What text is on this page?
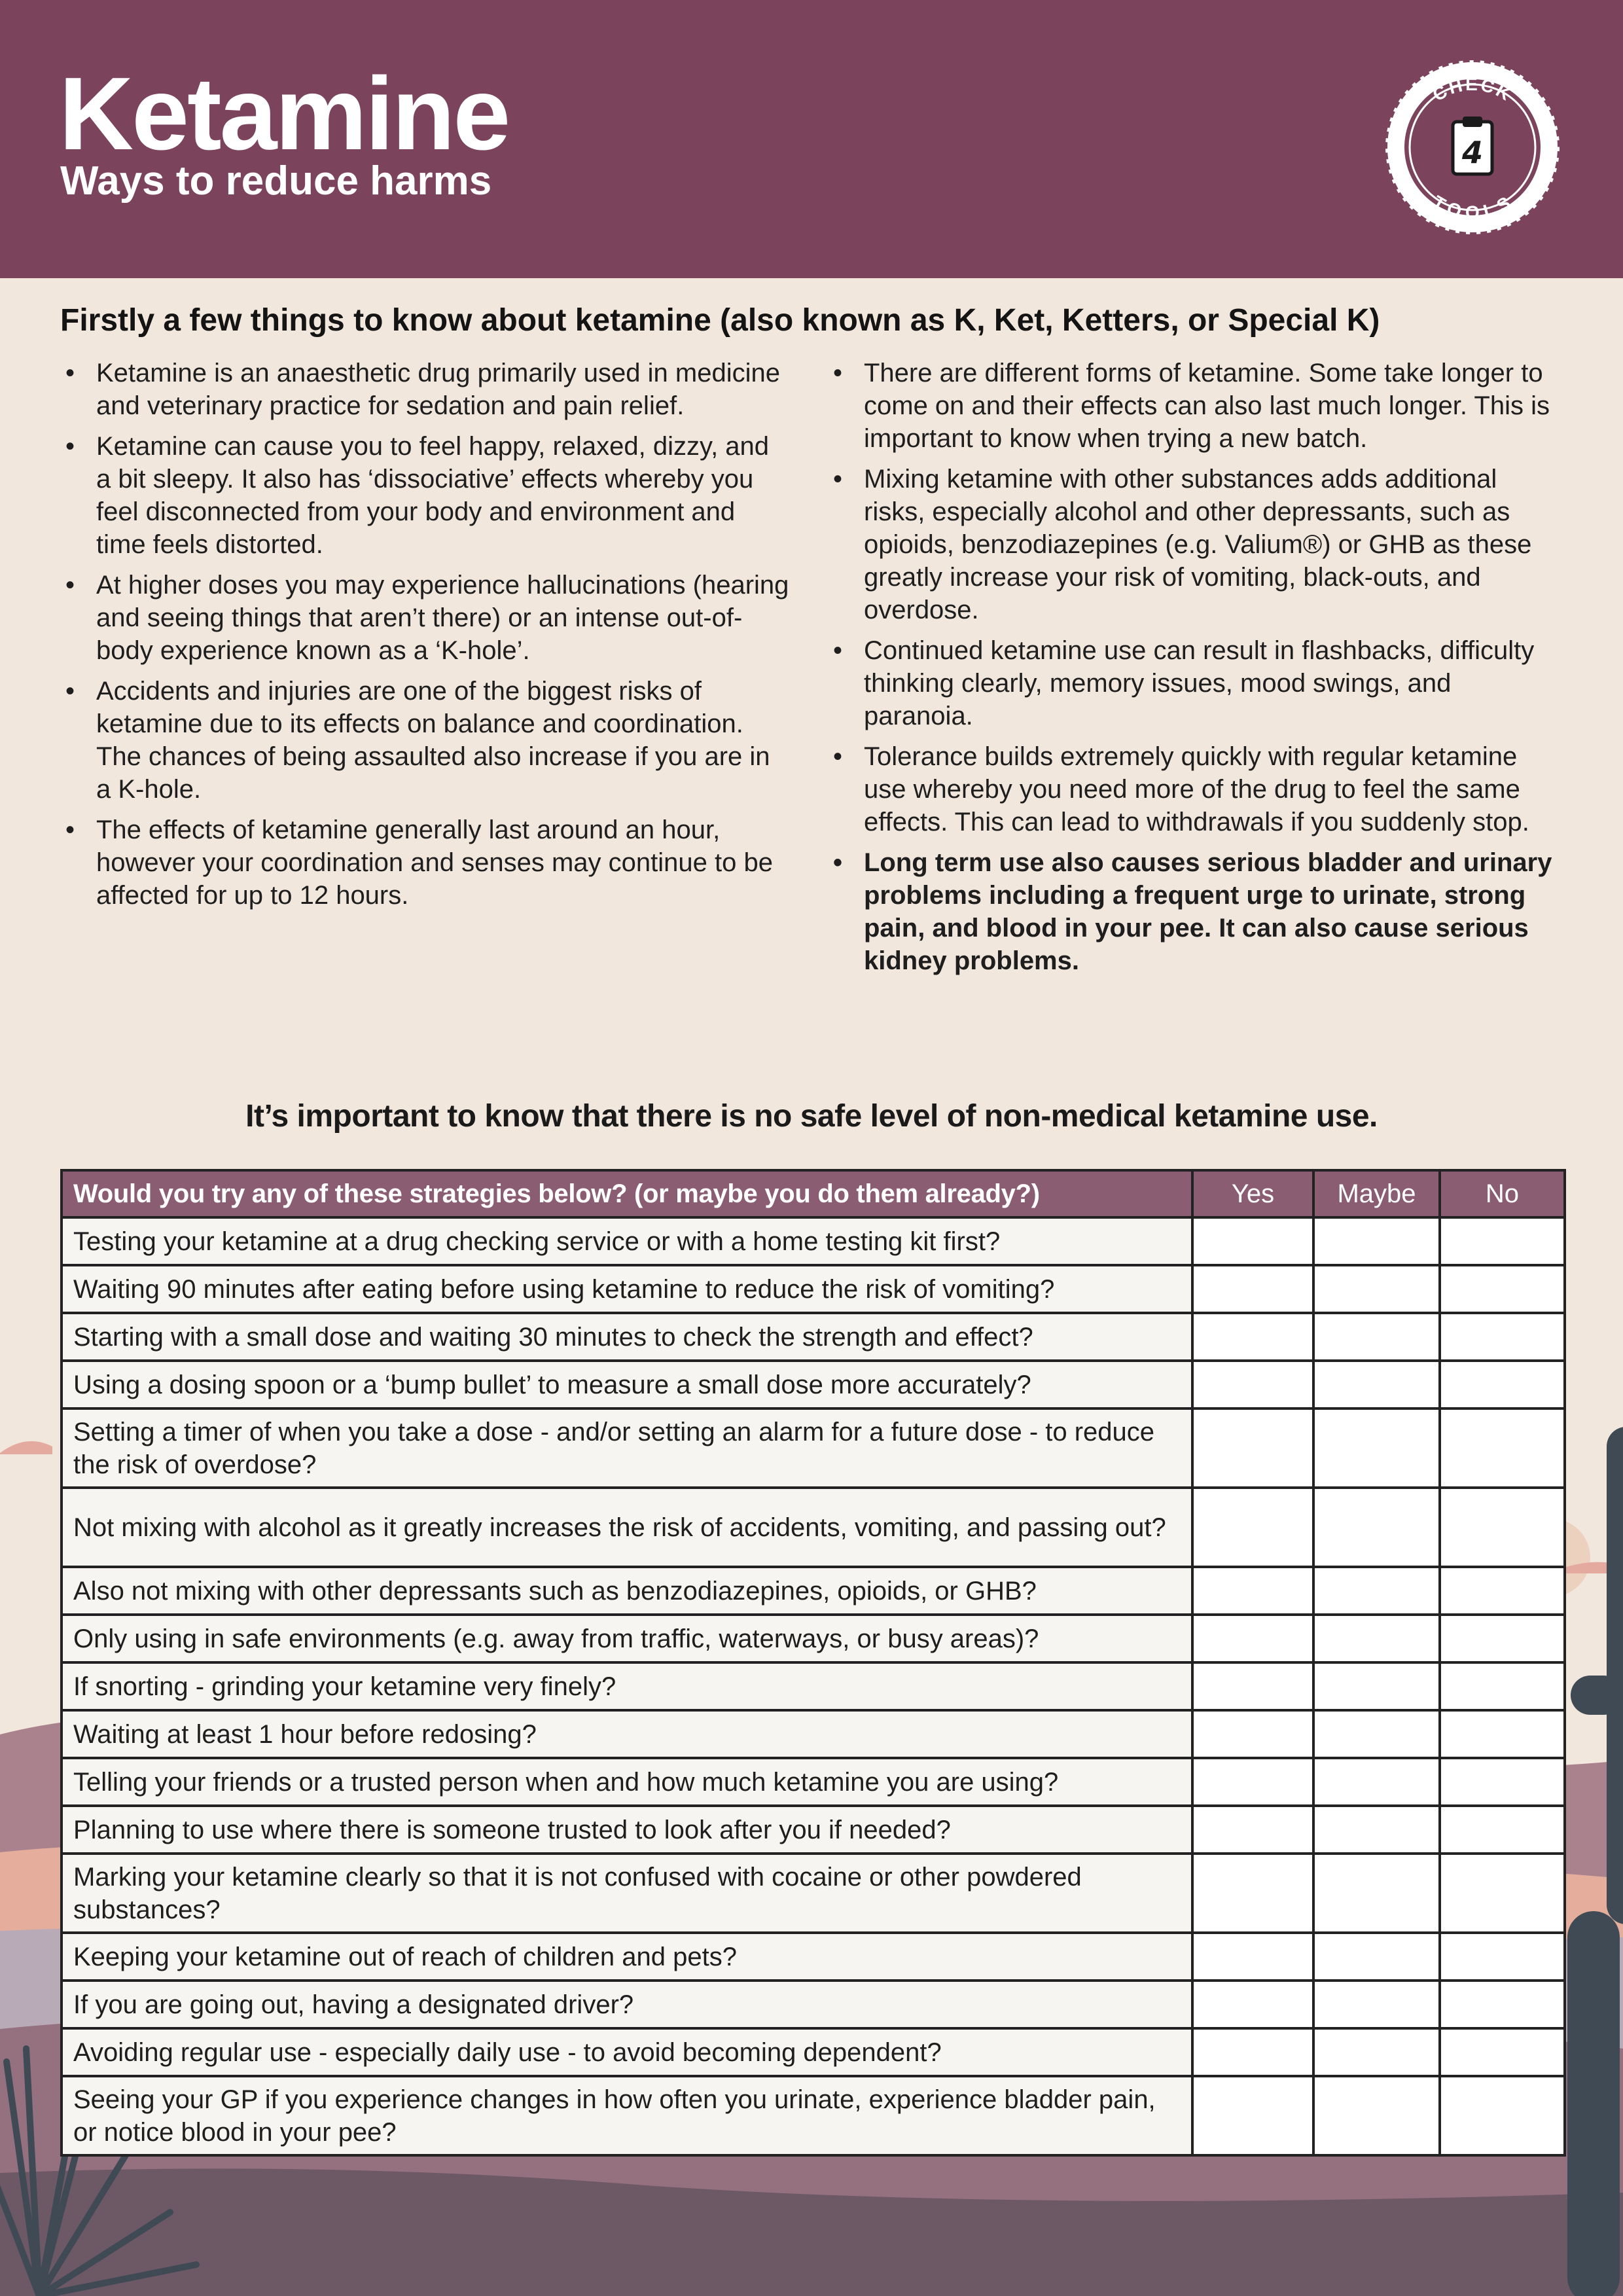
Ketamine

Ways to reduce harms

CHECK
TOOLS
4
Firstly a few things to know about ketamine (also known as K, Ket, Ketters, or Special K)
• Ketamine is an anaesthetic drug primarily used in medicine and veterinary practice for sedation and pain relief.
• Ketamine can cause you to feel happy, relaxed, dizzy, and a bit sleepy. It also has ‘dissociative’ effects whereby you feel disconnected from your body and environment and time feels distorted.
• At higher doses you may experience hallucinations (hearing and seeing things that aren’t there) or an intense out-of-body experience known as a ‘K-hole’.
• Accidents and injuries are one of the biggest risks of ketamine due to its effects on balance and coordination. The chances of being assaulted also increase if you are in a K-hole.
• The effects of ketamine generally last around an hour, however your coordination and senses may continue to be affected for up to 12 hours.
• There are different forms of ketamine. Some take longer to come on and their effects can also last much longer. This is important to know when trying a new batch.
• Mixing ketamine with other substances adds additional risks, especially alcohol and other depressants, such as opioids, benzodiazepines (e.g. Valium®) or GHB as these greatly increase your risk of vomiting, black-outs, and overdose.
• Continued ketamine use can result in flashbacks, difficulty thinking clearly, memory issues, mood swings, and paranoia.
• Tolerance builds extremely quickly with regular ketamine use whereby you need more of the drug to feel the same effects. This can lead to withdrawals if you suddenly stop.
• Long term use also causes serious bladder and urinary problems including a frequent urge to urinate, strong pain, and blood in your pee. It can also cause serious kidney problems.

It’s important to know that there is no safe level of non-medical ketamine use.

Would you try any of these strategies below? (or maybe you do them already?)	Yes	Maybe	No
Testing your ketamine at a drug checking service or with a home testing kit first?			
Waiting 90 minutes after eating before using ketamine to reduce the risk of vomiting?			
Starting with a small dose and waiting 30 minutes to check the strength and effect?			
Using a dosing spoon or a ‘bump bullet’ to measure a small dose more accurately?			
Setting a timer of when you take a dose - and/or setting an alarm for a future dose - to reduce the risk of overdose?			
Not mixing with alcohol as it greatly increases the risk of accidents, vomiting, and passing out?			
Also not mixing with other depressants such as benzodiazepines, opioids, or GHB?			
Only using in safe environments (e.g. away from traffic, waterways, or busy areas)?			
If snorting - grinding your ketamine very finely?			
Waiting at least 1 hour before redosing?			
Telling your friends or a trusted person when and how much ketamine you are using?			
Planning to use where there is someone trusted to look after you if needed?			
Marking your ketamine clearly so that it is not confused with cocaine or other powdered substances?			
Keeping your ketamine out of reach of children and pets?			
If you are going out, having a designated driver?			
Avoiding regular use - especially daily use - to avoid becoming dependent?			
Seeing your GP if you experience changes in how often you urinate, experience bladder pain, or notice blood in your pee?			
